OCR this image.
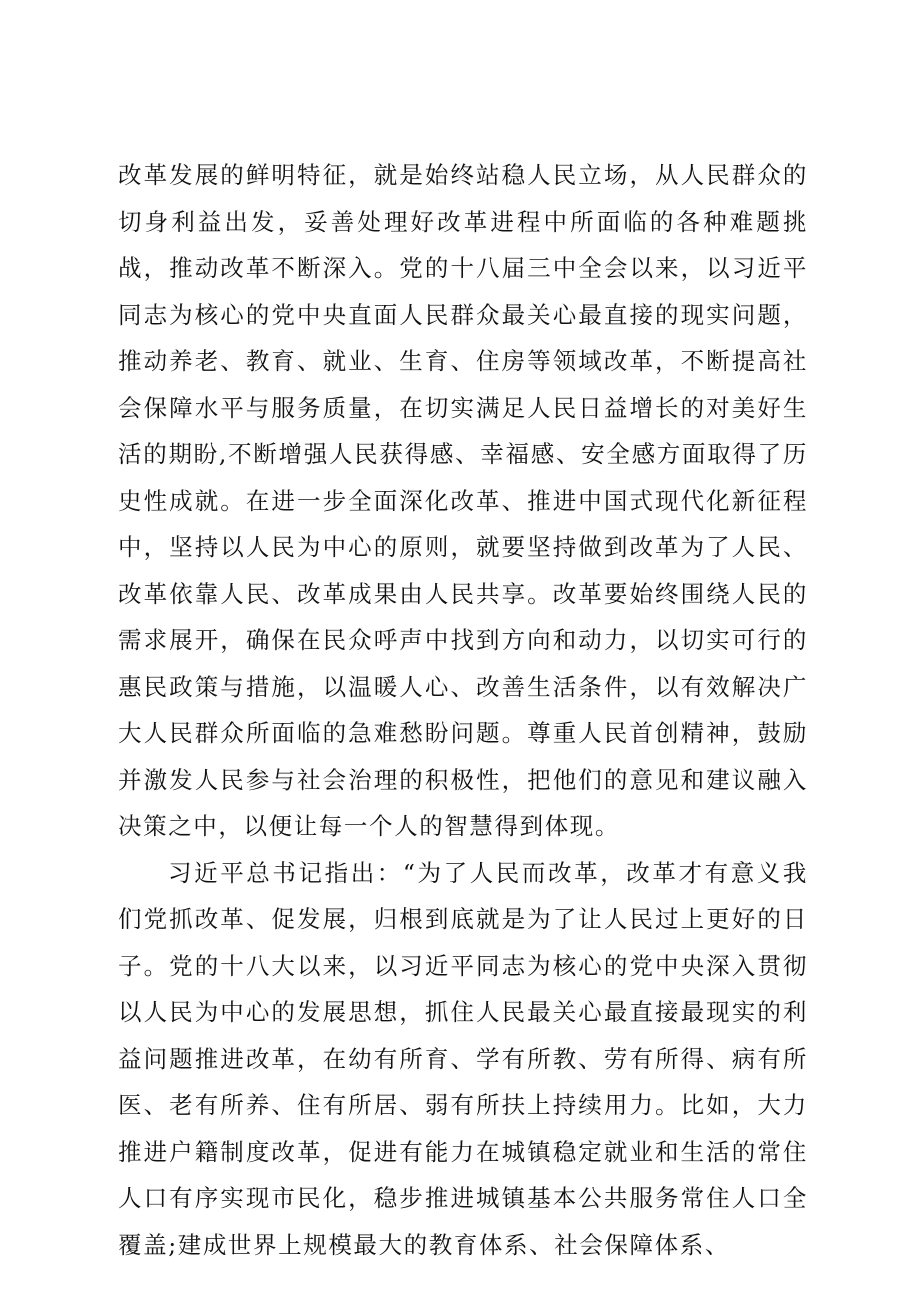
改革发展的鲜明特征，就是始终站稳人民立场，从人民群众的切身利益出发，妥善处理好改革进程中所面临的各种难题挑战，推动改革不断深入。党的十八届三中全会以来，以习近平同志为核心的党中央直面人民群众最关心最直接的现实问题，推动养老、教育、就业、生育、住房等领域改革，不断提高社会保障水平与服务质量，在切实满足人民日益增长的对美好生活的期盼,不断增强人民获得感、幸福感、安全感方面取得了历史性成就。在进一步全面深化改革、推进中国式现代化新征程中，坚持以人民为中心的原则，就要坚持做到改革为了人民、改革依靠人民、改革成果由人民共享。改革要始终围绕人民的需求展开，确保在民众呼声中找到方向和动力，以切实可行的惠民政策与措施，以温暖人心、改善生活条件，以有效解决广大人民群众所面临的急难愁盼问题。尊重人民首创精神，鼓励并激发人民参与社会治理的积极性，把他们的意见和建议融入决策之中，以便让每一个人的智慧得到体现。

习近平总书记指出：“为了人民而改革，改革才有意义我们党抓改革、促发展，归根到底就是为了让人民过上更好的日子。党的十八大以来，以习近平同志为核心的党中央深入贯彻以人民为中心的发展思想，抓住人民最关心最直接最现实的利益问题推进改革，在幼有所育、学有所教、劳有所得、病有所医、老有所养、住有所居、弱有所扶上持续用力。比如，大力推进户籍制度改革，促进有能力在城镇稳定就业和生活的常住人口有序实现市民化，稳步推进城镇基本公共服务常住人口全覆盖;建成世界上规模最大的教育体系、社会保障体系、
